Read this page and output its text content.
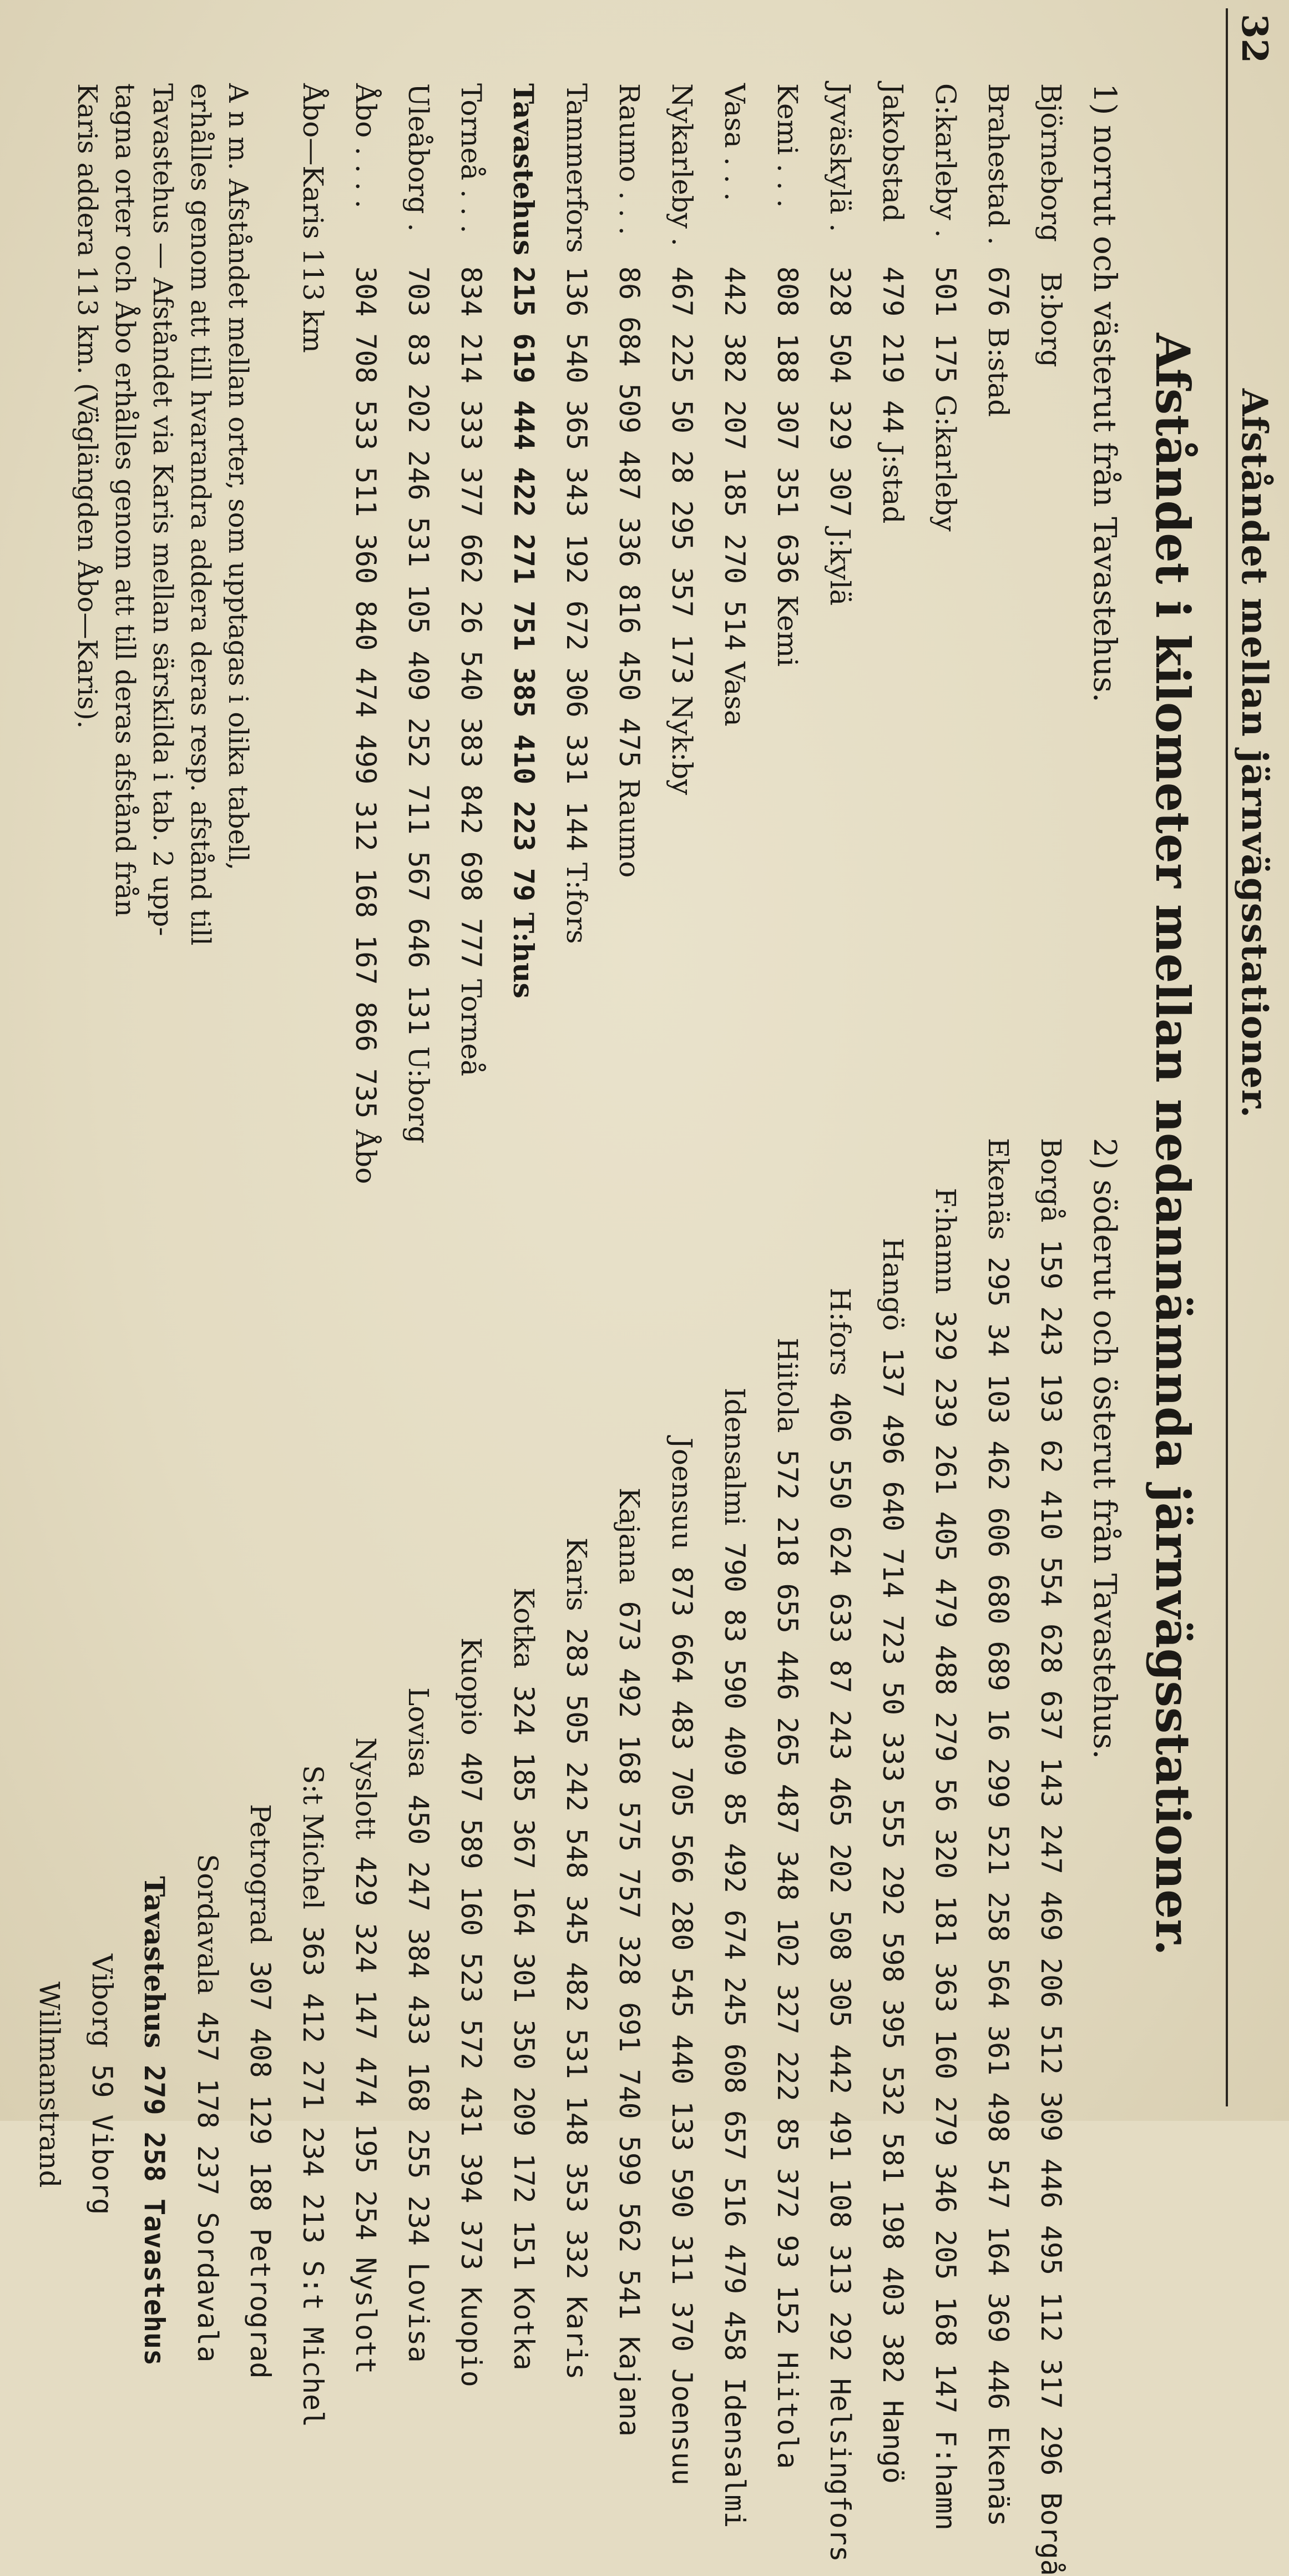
32
Afståndet mellan järnvägsstationer.
Afståndet i kilometer mellan nedannämnda järnvägsstationer.
1) norrut och västerut från Tavastehus.
2) söderut och österut från Tavastehus.
Björneborg
B:borg
Brahestad .
676
B:stad
G:karleby .
501 175
G:karleby
Jakobstad
479 219 44
J:stad
Jyväskylä .
328 504 329 307
J:kylä
Kemi . . .
808 188 307 351 636
Kemi
Vasa . . .
442 382 207 185 270 514
Vasa
Nykarleby .
467 225 50 28 295 357 173
Nyk:by
Raumo . . .
86 684 509 487 336 816 450 475
Raumo
Tammerfors
136 540 365 343 192 672 306 331 144
T:fors
Tavastehus .
215 619 444 422 271 751 385 410 223 79
T:hus
Torneå . . .
834 214 333 377 662 26 540 383 842 698 777
Torneå
Uleåborg .
703 83 202 246 531 105 409 252 711 567 646 131
U:borg
Åbo . . . .
304 708 533 511 360 840 474 499 312 168 167 866 735
Åbo
Åbo—Karis 113 km
Borgå 159 243 193 62 410 554 628 637 143 247 469 206 512 309 446 495 112 317 296 Borgå
Ekenäs 295 34 103 462 606 680 689 16 299 521 258 564 361 498 547 164 369 446 Ekenäs
F:hamn 329 239 261 405 479 488 279 56 320 181 363 160 279 346 205 168 147 F:hamn
Hangö 137 496 640 714 723 50 333 555 292 598 395 532 581 198 403 382 Hangö
H:fors 406 550 624 633 87 243 465 202 508 305 442 491 108 313 292 Helsingfors
Hiitola 572 218 655 446 265 487 348 102 327 222 85 372 93 152 Hiitola
Idensalmi 790 83 590 409 85 492 674 245 608 657 516 479 458 Idensalmi
Joensuu 873 664 483 705 566 280 545 440 133 590 311 370 Joensuu
Kajana 673 492 168 575 757 328 691 740 599 562 541 Kajana
Karis 283 505 242 548 345 482 531 148 353 332 Karis
Kotka 324 185 367 164 301 350 209 172 151 Kotka
Kuopio 407 589 160 523 572 431 394 373 Kuopio
Lovisa 450 247 384 433 168 255 234 Lovisa
Nyslott 429 324 147 474 195 254 Nyslott
S:t Michel 363 412 271 234 213 S:t Michel
Petrograd 307 408 129 188 Petrograd
Sordavala 457 178 237 Sordavala
Tavastehus 279 258 Tavastehus
Viborg 59 Viborg
Willmanstrand

A n m. Afståndet mellan orter, som upptagas i olika tabell,

erhålles genom att till hvarandra addera deras resp. afstånd till

Tavastehus — Afståndet via Karis mellan särskilda i tab. 2 upp-

tagna orter och Åbo erhålles genom att till deras afstånd från

Karis addera 113 km. (Väglängden Åbo—Karis).
